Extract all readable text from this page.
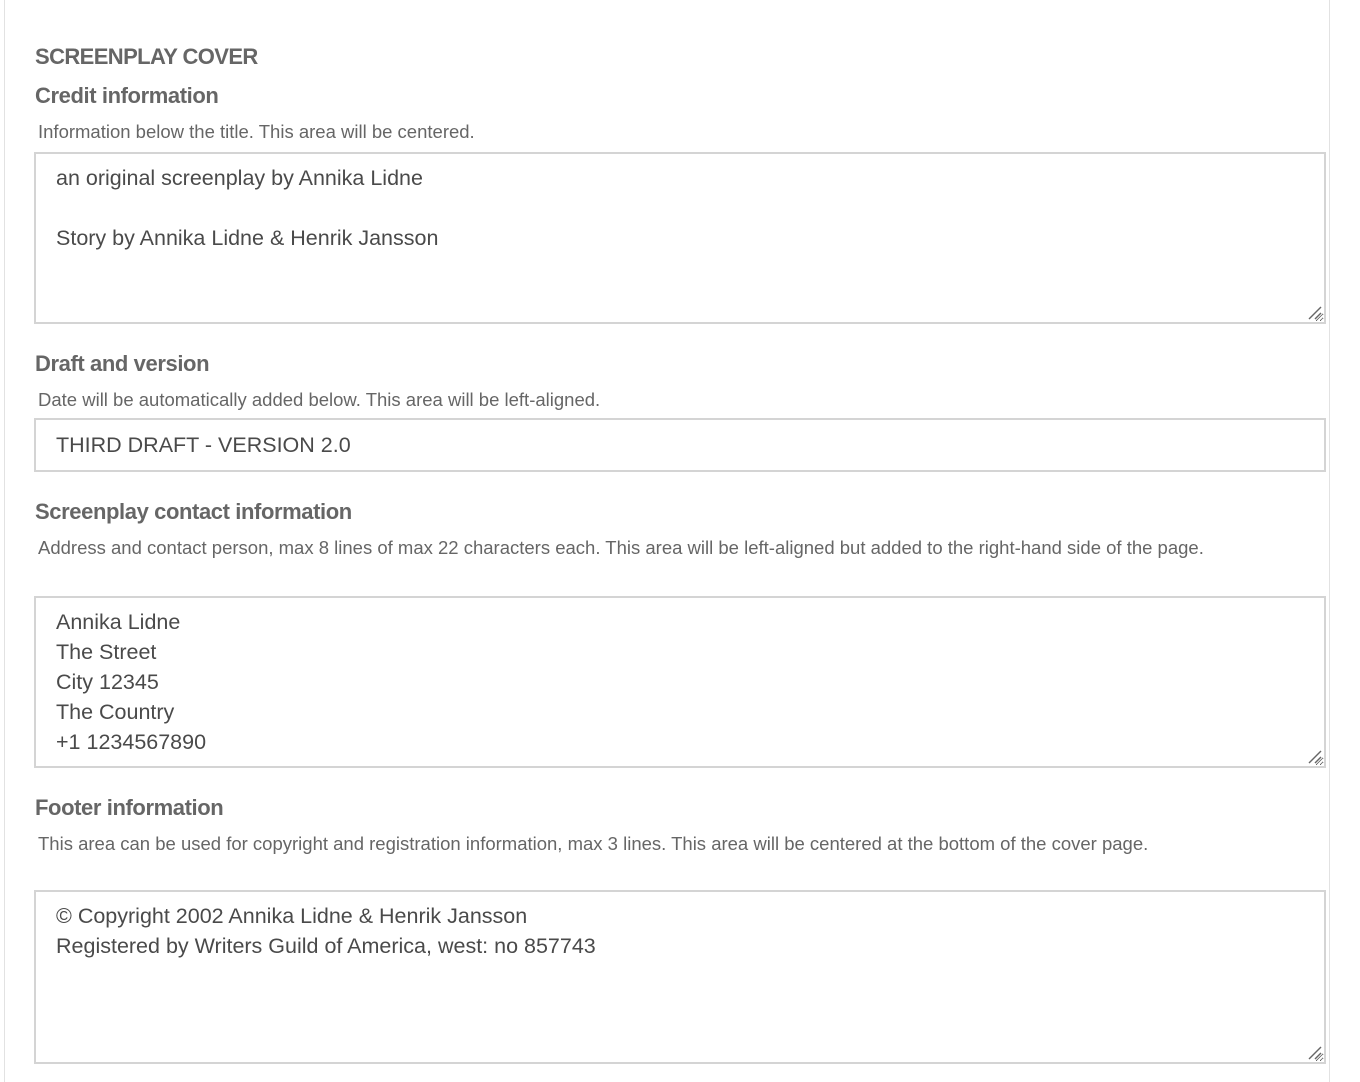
SCREENPLAY COVER
Credit information
Information below the title. This area will be centered.
an original screenplay by Annika Lidne Story by Annika Lidne & Henrik Jansson
Draft and version
Date will be automatically added below. This area will be left-aligned.
THIRD DRAFT - VERSION 2.0
Screenplay contact information
Address and contact person, max 8 lines of max 22 characters each. This area will be left-aligned but added to the right-hand side of the page.
Annika Lidne The Street City 12345 The Country +1 1234567890
Footer information
This area can be used for copyright and registration information, max 3 lines. This area will be centered at the bottom of the cover page.
© Copyright 2002 Annika Lidne & Henrik Jansson Registered by Writers Guild of America, west: no 857743
